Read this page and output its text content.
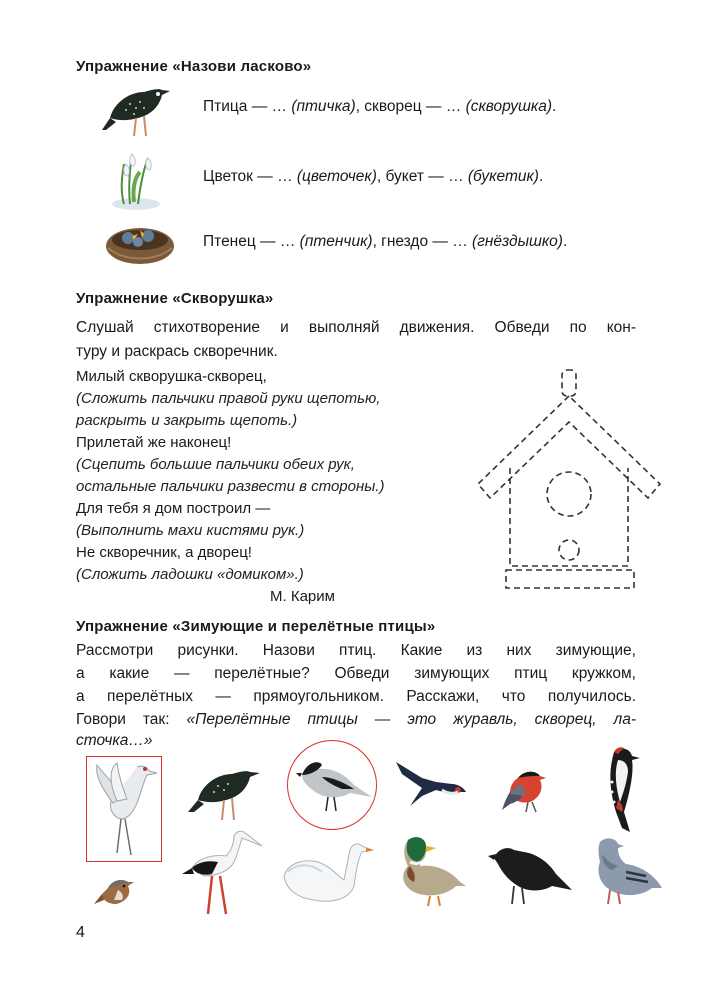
Упражнение «Назови ласково»
Птица — … (птичка), скворец — … (скворушка).
Цветок — … (цветочек), букет — … (букетик).
Птенец — … (птенчик), гнездо — … (гнёздышко).
Упражнение «Скворушка»
Слушай стихотворение и выполняй движения. Обведи по кон-
туру и раскрась скворечник.
Милый скворушка-скворец,
(Сложить пальчики правой руки щепотью,
раскрыть и закрыть щепоть.)
Прилетай же наконец!
(Сцепить большие пальчики обеих рук,
остальные пальчики развести в стороны.)
Для тебя я дом построил —
(Выполнить махи кистями рук.)
Не скворечник, а дворец!
(Сложить ладошки «домиком».)
М. Карим
Упражнение «Зимующие и перелётные птицы»
Рассмотри рисунки. Назови птиц. Какие из них зимующие,
а какие — перелётные? Обведи зимующих птиц кружком,
а перелётных — прямоугольником. Расскажи, что получилось.
Говори так: «Перелётные птицы — это журавль, скворец, ла-
сточка…»
4
